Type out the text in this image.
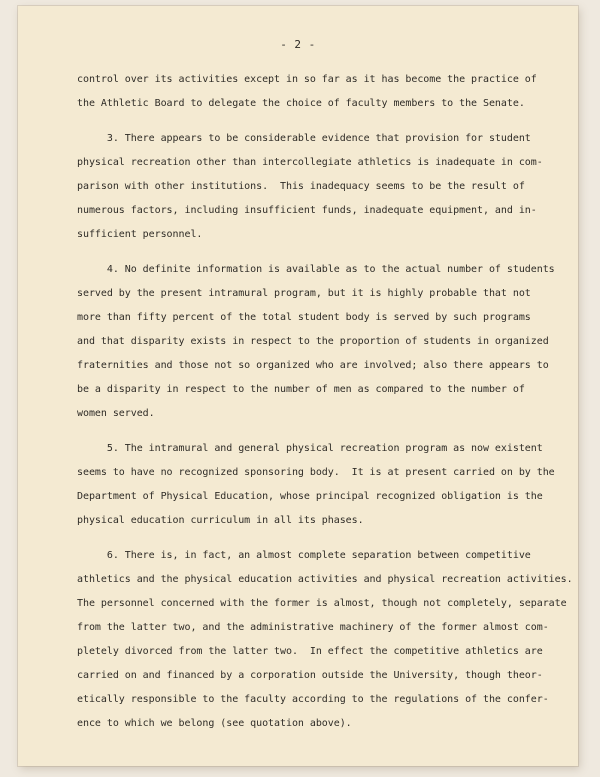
- 2 -
control over its activities except in so far as it has become the practice of
the Athletic Board to delegate the choice of faculty members to the Senate.
3. There appears to be considerable evidence that provision for student
physical recreation other than intercollegiate athletics is inadequate in com-
parison with other institutions.  This inadequacy seems to be the result of
numerous factors, including insufficient funds, inadequate equipment, and in-
sufficient personnel.
4. No definite information is available as to the actual number of students
served by the present intramural program, but it is highly probable that not
more than fifty percent of the total student body is served by such programs
and that disparity exists in respect to the proportion of students in organized
fraternities and those not so organized who are involved; also there appears to
be a disparity in respect to the number of men as compared to the number of
women served.
5. The intramural and general physical recreation program as now existent
seems to have no recognized sponsoring body.  It is at present carried on by the
Department of Physical Education, whose principal recognized obligation is the
physical education curriculum in all its phases.
6. There is, in fact, an almost complete separation between competitive
athletics and the physical education activities and physical recreation activities.
The personnel concerned with the former is almost, though not completely, separate
from the latter two, and the administrative machinery of the former almost com-
pletely divorced from the latter two.  In effect the competitive athletics are
carried on and financed by a corporation outside the University, though theor-
etically responsible to the faculty according to the regulations of the confer-
ence to which we belong (see quotation above).
